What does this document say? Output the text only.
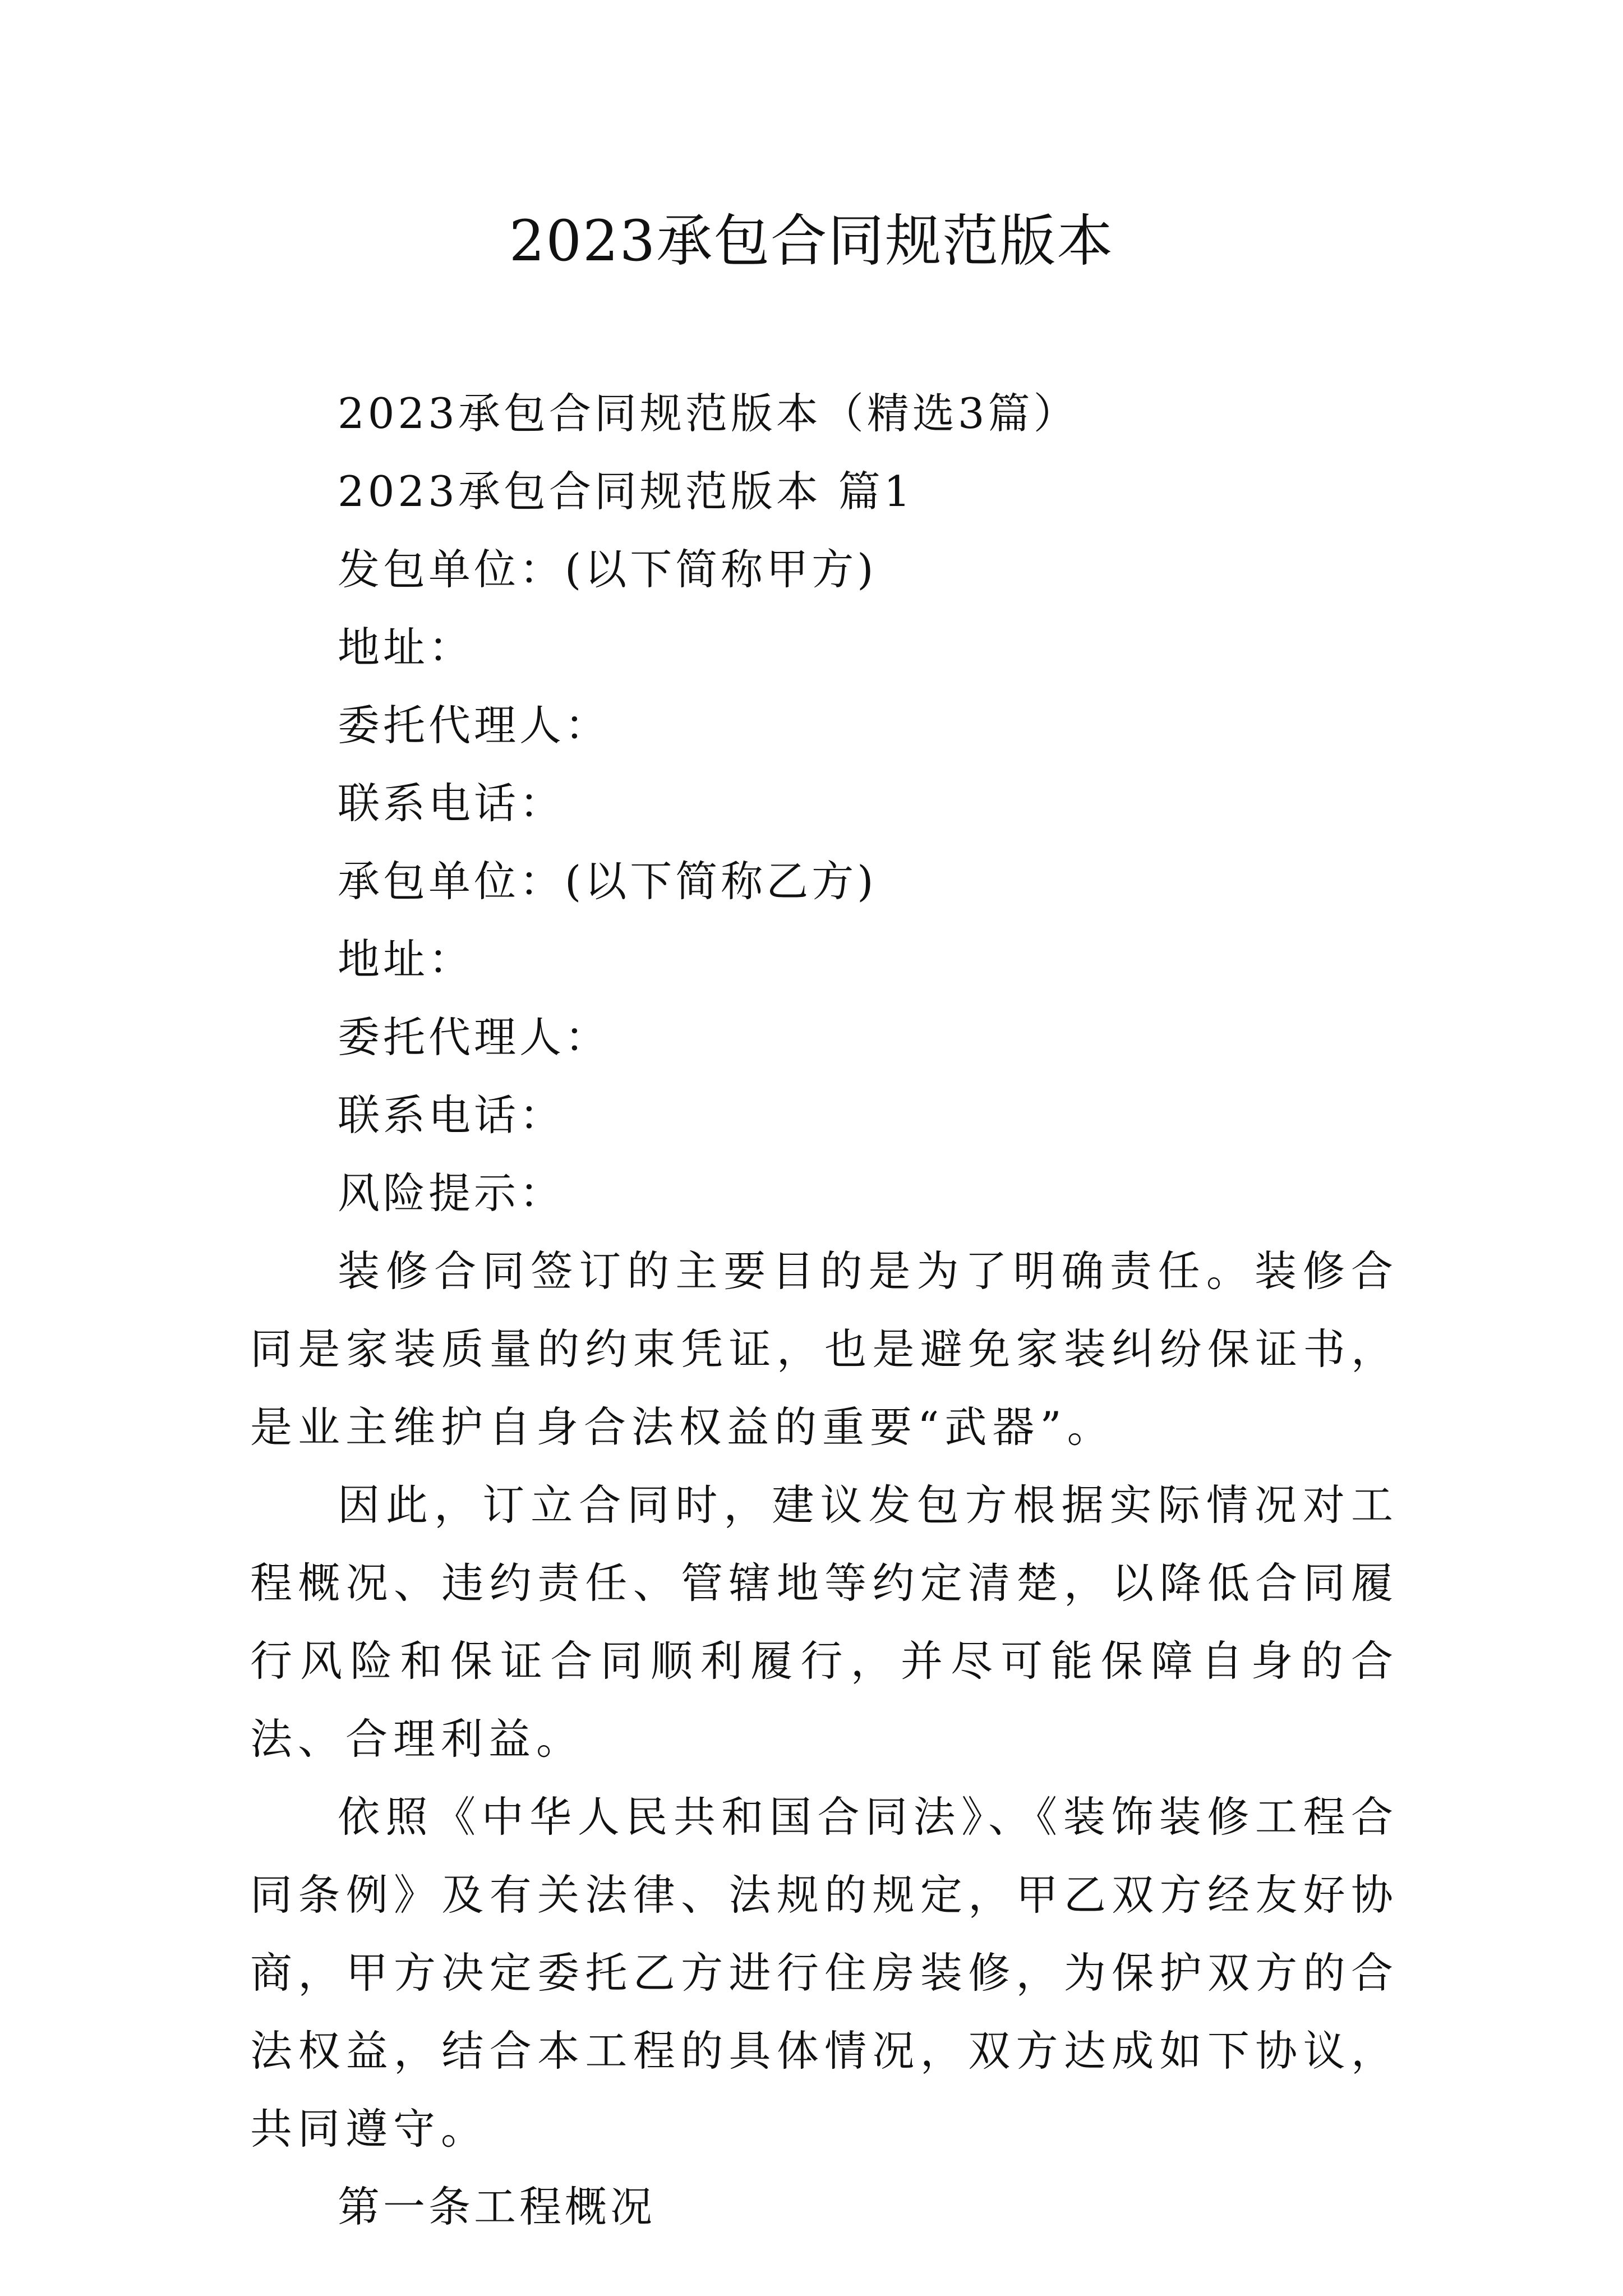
2023承包合同规范版本

2023承包合同规范版本（精选3篇）

2023承包合同规范版本 篇1

发包单位：(以下简称甲方)

地址：

委托代理人：

联系电话：

承包单位：(以下简称乙方)

地址：

委托代理人：

联系电话：

风险提示：

装修合同签订的主要目的是为了明确责任。装修合同是家装质量的约束凭证，也是避免家装纠纷保证书，是业主维护自身合法权益的重要“武器”。

因此，订立合同时，建议发包方根据实际情况对工程概况、违约责任、管辖地等约定清楚，以降低合同履行风险和保证合同顺利履行，并尽可能保障自身的合法、合理利益。

依照《中华人民共和国合同法》、《装饰装修工程合同条例》及有关法律、法规的规定，甲乙双方经友好协商，甲方决定委托乙方进行住房装修，为保护双方的合法权益，结合本工程的具体情况，双方达成如下协议，共同遵守。

第一条工程概况
